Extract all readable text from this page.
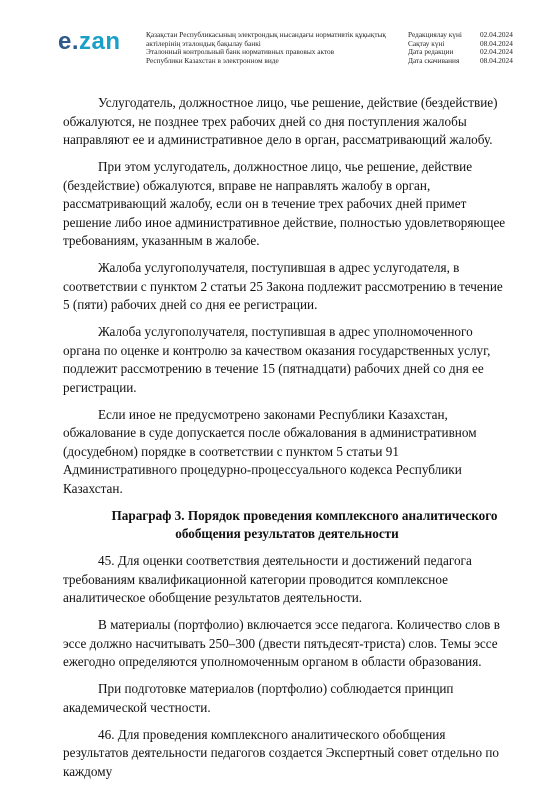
e.zan	Қазақстан Республикасының электрондық нысандағы нормативтік құқықтық
актілерінің эталондық бақылау банкі
Эталонный контрольный банк нормативных правовых актов
Республики Казахстан в электронном виде
Редакциялау күні	02.04.2024
Сақтау күні	08.04.2024
Дата редакции	02.04.2024
Дата скачивания	08.04.2024

Услугодатель, должностное лицо, чье решение, действие (бездействие) обжалуются, не позднее трех рабочих дней со дня поступления жалобы направляют ее и административное дело в орган, рассматривающий жалобу.

При этом услугодатель, должностное лицо, чье решение, действие (бездействие) обжалуются, вправе не направлять жалобу в орган, рассматривающий жалобу, если он в течение трех рабочих дней примет решение либо иное административное действие, полностью удовлетворяющее требованиям, указанным в жалобе.

Жалоба услугополучателя, поступившая в адрес услугодателя, в соответствии с пунктом 2 статьи 25 Закона подлежит рассмотрению в течение 5 (пяти) рабочих дней со дня ее регистрации.

Жалоба услугополучателя, поступившая в адрес уполномоченного органа по оценке и контролю за качеством оказания государственных услуг, подлежит рассмотрению в течение 15 (пятнадцати) рабочих дней со дня ее регистрации.

Если иное не предусмотрено законами Республики Казахстан, обжалование в суде допускается после обжалования в административном (досудебном) порядке в соответствии с пунктом 5 статьи 91 Административного процедурно-процессуального кодекса Республики Казахстан.

Параграф 3. Порядок проведения комплексного аналитического обобщения результатов деятельности

45. Для оценки соответствия деятельности и достижений педагога требованиям квалификационной категории проводится комплексное аналитическое обобщение результатов деятельности.

В материалы (портфолио) включается эссе педагога. Количество слов в эссе должно насчитывать 250–300 (двести пятьдесят-триста) слов. Темы эссе ежегодно определяются уполномоченным органом в области образования.

При подготовке материалов (портфолио) соблюдается принцип академической честности.

46. Для проведения комплексного аналитического обобщения результатов деятельности педагогов создается Экспертный совет отдельно по каждому
